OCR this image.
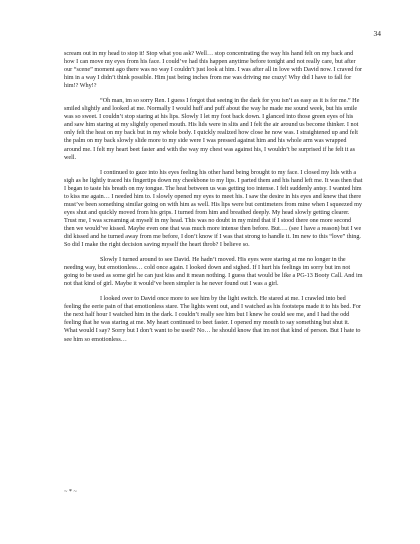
34

scream out in my head to stop it! Stop what you ask? Well… stop concentrating the way his hand felt on my back and how I can move my eyes from his face. I could’ve had this happen anytime before tonight and not really care, but after our “scene” moment ago there was no way I couldn’t just look at him. I was after all in love with David now. I craved for him in a way I didn’t think possible. Him just being inches from me was driving me crazy! Why did I have to fall for him!? Why!?

“Oh man, im so sorry Ren. I guess I forgot that seeing in the dark for you isn’t as easy as it is for me.” He smiled slightly and looked at me. Normally I would huff and puff about the way he made me sound week, but his smile was so sweet. I couldn’t stop staring at his lips. Slowly I let my foot back down. I glanced into those green eyes of his and saw him staring at my slightly opened mouth. His lids were in slits and I felt the air around us become thinker. I not only felt the heat on my back but in my whole body. I quickly realized how close he now was. I straightened up and felt the palm on my back slowly slide more to my side were I was pressed against him and his whole arm was wrapped around me. I felt my heart beet faster and with the way my chest was against his, I wouldn’t be surprised if he felt it as well.

I continued to gaze into his eyes feeling his other hand being brought to my face. I closed my lids with a sigh as he lightly traced his fingertips down my cheekbone to my lips. I parted them and his hand left me. It was then that I began to taste his breath on my tongue. The heat between us was getting too intense. I felt suddenly antsy. I wanted him to kiss me again… I needed him to. I slowly opened my eyes to meet his. I saw the desire in his eyes and knew that there must’ve been something similar going on with him as well. His lips were but centimeters from mine when I squeezed my eyes shut and quickly moved from his grips. I turned from him and breathed deeply. My head slowly getting clearer. Trust me, I was screaming at myself in my head. This was no doubt in my mind that if I stood there one more second then we would’ve kissed. Maybe even one that was much more intense then before. But…. (see I have a reason) but I we did kissed and he turned away from me before, I don’t know if I was that strong to handle it. Im new to this “love” thing. So did I make the right decision saving myself the heart throb? I believe so.

Slowly I turned around to see David. He hadn’t moved. His eyes were staring at me no longer in the needing way, but emotionless… cold once again. I looked down and sighed. If I hurt his feelings im sorry but im not going to be used as some girl he can just kiss and it mean nothing. I guess that would be like a PG-13 Booty Call. And im not that kind of girl. Maybe it would’ve been simpler is he never found out I was a girl.

I looked over to David once more to see him by the light switch. He stared at me. I crawled into bed feeling the eerie pain of that emotionless stare. The lights went out, and I watched as his footsteps made it to his bed. For the next half hour I watched him in the dark. I couldn’t really see him but I knew he could see me, and I had the odd feeling that he was staring at me. My heart continued to beet faster. I opened my mouth to say something but shut it. What would I say? Sorry but I don’t want to be used? No… he should know that im not that kind of person. But I hate to see him so emotionless…

~ * ~
